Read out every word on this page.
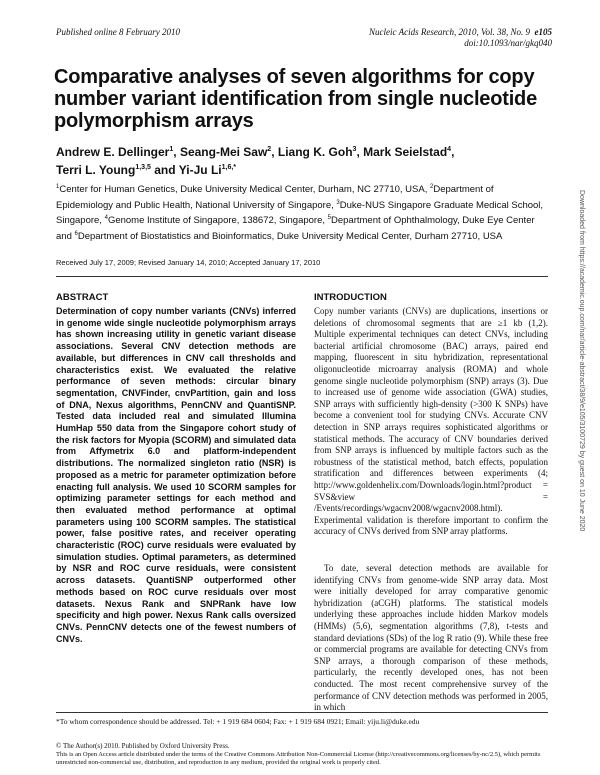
Published online 8 February 2010	Nucleic Acids Research, 2010, Vol. 38, No. 9 e105
doi:10.1093/nar/gkq040
Comparative analyses of seven algorithms for copy number variant identification from single nucleotide polymorphism arrays
Andrew E. Dellinger$^1$, Seang-Mei Saw$^2$, Liang K. Goh$^3$, Mark Seielstad$^4$,
Terri L. Young$^{1,3,5}$ and Yi-Ju $Li^{1,6,*}$
$^1$Center for Human Genetics, Duke University Medical Center, Durham, NC 27710, USA, $^2$Department of Epidemiology and Public Health, National University of Singapore, $^3$Duke-NUS Singapore Graduate Medical School, Singapore, $^4$Genome Institute of Singapore, 138672, Singapore, $^5$Department of Ophthalmology, Duke Eye Center and $^6$Department of Biostatistics and Bioinformatics, Duke University Medical Center, Durham 27710, USA
Received July 17, 2009; Revised January 14, 2010; Accepted January 17, 2010
ABSTRACT
Determination of copy number variants (CNVs) inferred in genome wide single nucleotide polymorphism arrays has shown increasing utility in genetic variant disease associations. Several CNV detection methods are available, but differences in CNV call thresholds and characteristics exist. We evaluated the relative performance of seven methods: circular binary segmentation, CNVFinder, cnvPartition, gain and loss of DNA, Nexus algorithms, PennCNV and QuantiSNP. Tested data included real and simulated Illumina HumHap 550 data from the Singapore cohort study of the risk factors for Myopia (SCORM) and simulated data from Affymetrix 6.0 and platform-independent distributions. The normalized singleton ratio (NSR) is proposed as a metric for parameter optimization before enacting full analysis. We used 10 SCORM samples for optimizing parameter settings for each method and then evaluated method performance at optimal parameters using 100 SCORM samples. The statistical power, false positive rates, and receiver operating characteristic (ROC) curve residuals were evaluated by simulation studies. Optimal parameters, as determined by NSR and ROC curve residuals, were consistent across datasets. QuantiSNP outperformed other methods based on ROC curve residuals over most datasets. Nexus Rank and SNPRank have low specificity and high power. Nexus Rank calls oversized CNVs. PennCNV detects one of the fewest numbers of CNVs.
INTRODUCTION
Copy number variants (CNVs) are duplications, insertions or deletions of chromosomal segments that are ≥1 kb (1,2). Multiple experimental techniques can detect CNVs, including bacterial artificial chromosome (BAC) arrays, paired end mapping, fluorescent in situ hybridization, representational oligonucleotide microarray analysis (ROMA) and whole genome single nucleotide polymorphism (SNP) arrays (3). Due to increased use of genome wide association (GWA) studies, SNP arrays with sufficiently high-density (>300 K SNPs) have become a convenient tool for studying CNVs. Accurate CNV detection in SNP arrays requires sophisticated algorithms or statistical methods. The accuracy of CNV boundaries derived from SNP arrays is influenced by multiple factors such as the robustness of the statistical method, batch effects, population stratification and differences between experiments (4; http://www.goldenhelix.com/Downloads/login.html?product = SVS&view = /Events/recordings/wgacnv2008/wgacnv2008.html). Experimental validation is therefore important to confirm the accuracy of CNVs derived from SNP array platforms.
To date, several detection methods are available for identifying CNVs from genome-wide SNP array data. Most were initially developed for array comparative genomic hybridization (aCGH) platforms. The statistical models underlying these approaches include hidden Markov models (HMMs) (5,6), segmentation algorithms (7,8), t-tests and standard deviations (SDs) of the log R ratio (9). While these free or commercial programs are available for detecting CNVs from SNP arrays, a thorough comparison of these methods, particularly, the recently developed ones, has not been conducted. The most recent comprehensive survey of the performance of CNV detection methods was performed in 2005, in which
Downloaded from https://academic.oup.com/nar/article-abstract/38/9/e105/3100729 by guest on 10 June 2020
*To whom correspondence should be addressed. Tel: + 1 919 684 0604; Fax: + 1 919 684 0921; Email: yiju.li@duke.edu
© The Author(s) 2010. Published by Oxford University Press.
This is an Open Access article distributed under the terms of the Creative Commons Attribution Non-Commercial License (http://creativecommons.org/licenses/by-nc/2.5), which permits unrestricted non-commercial use, distribution, and reproduction in any medium, provided the original work is properly cited.
